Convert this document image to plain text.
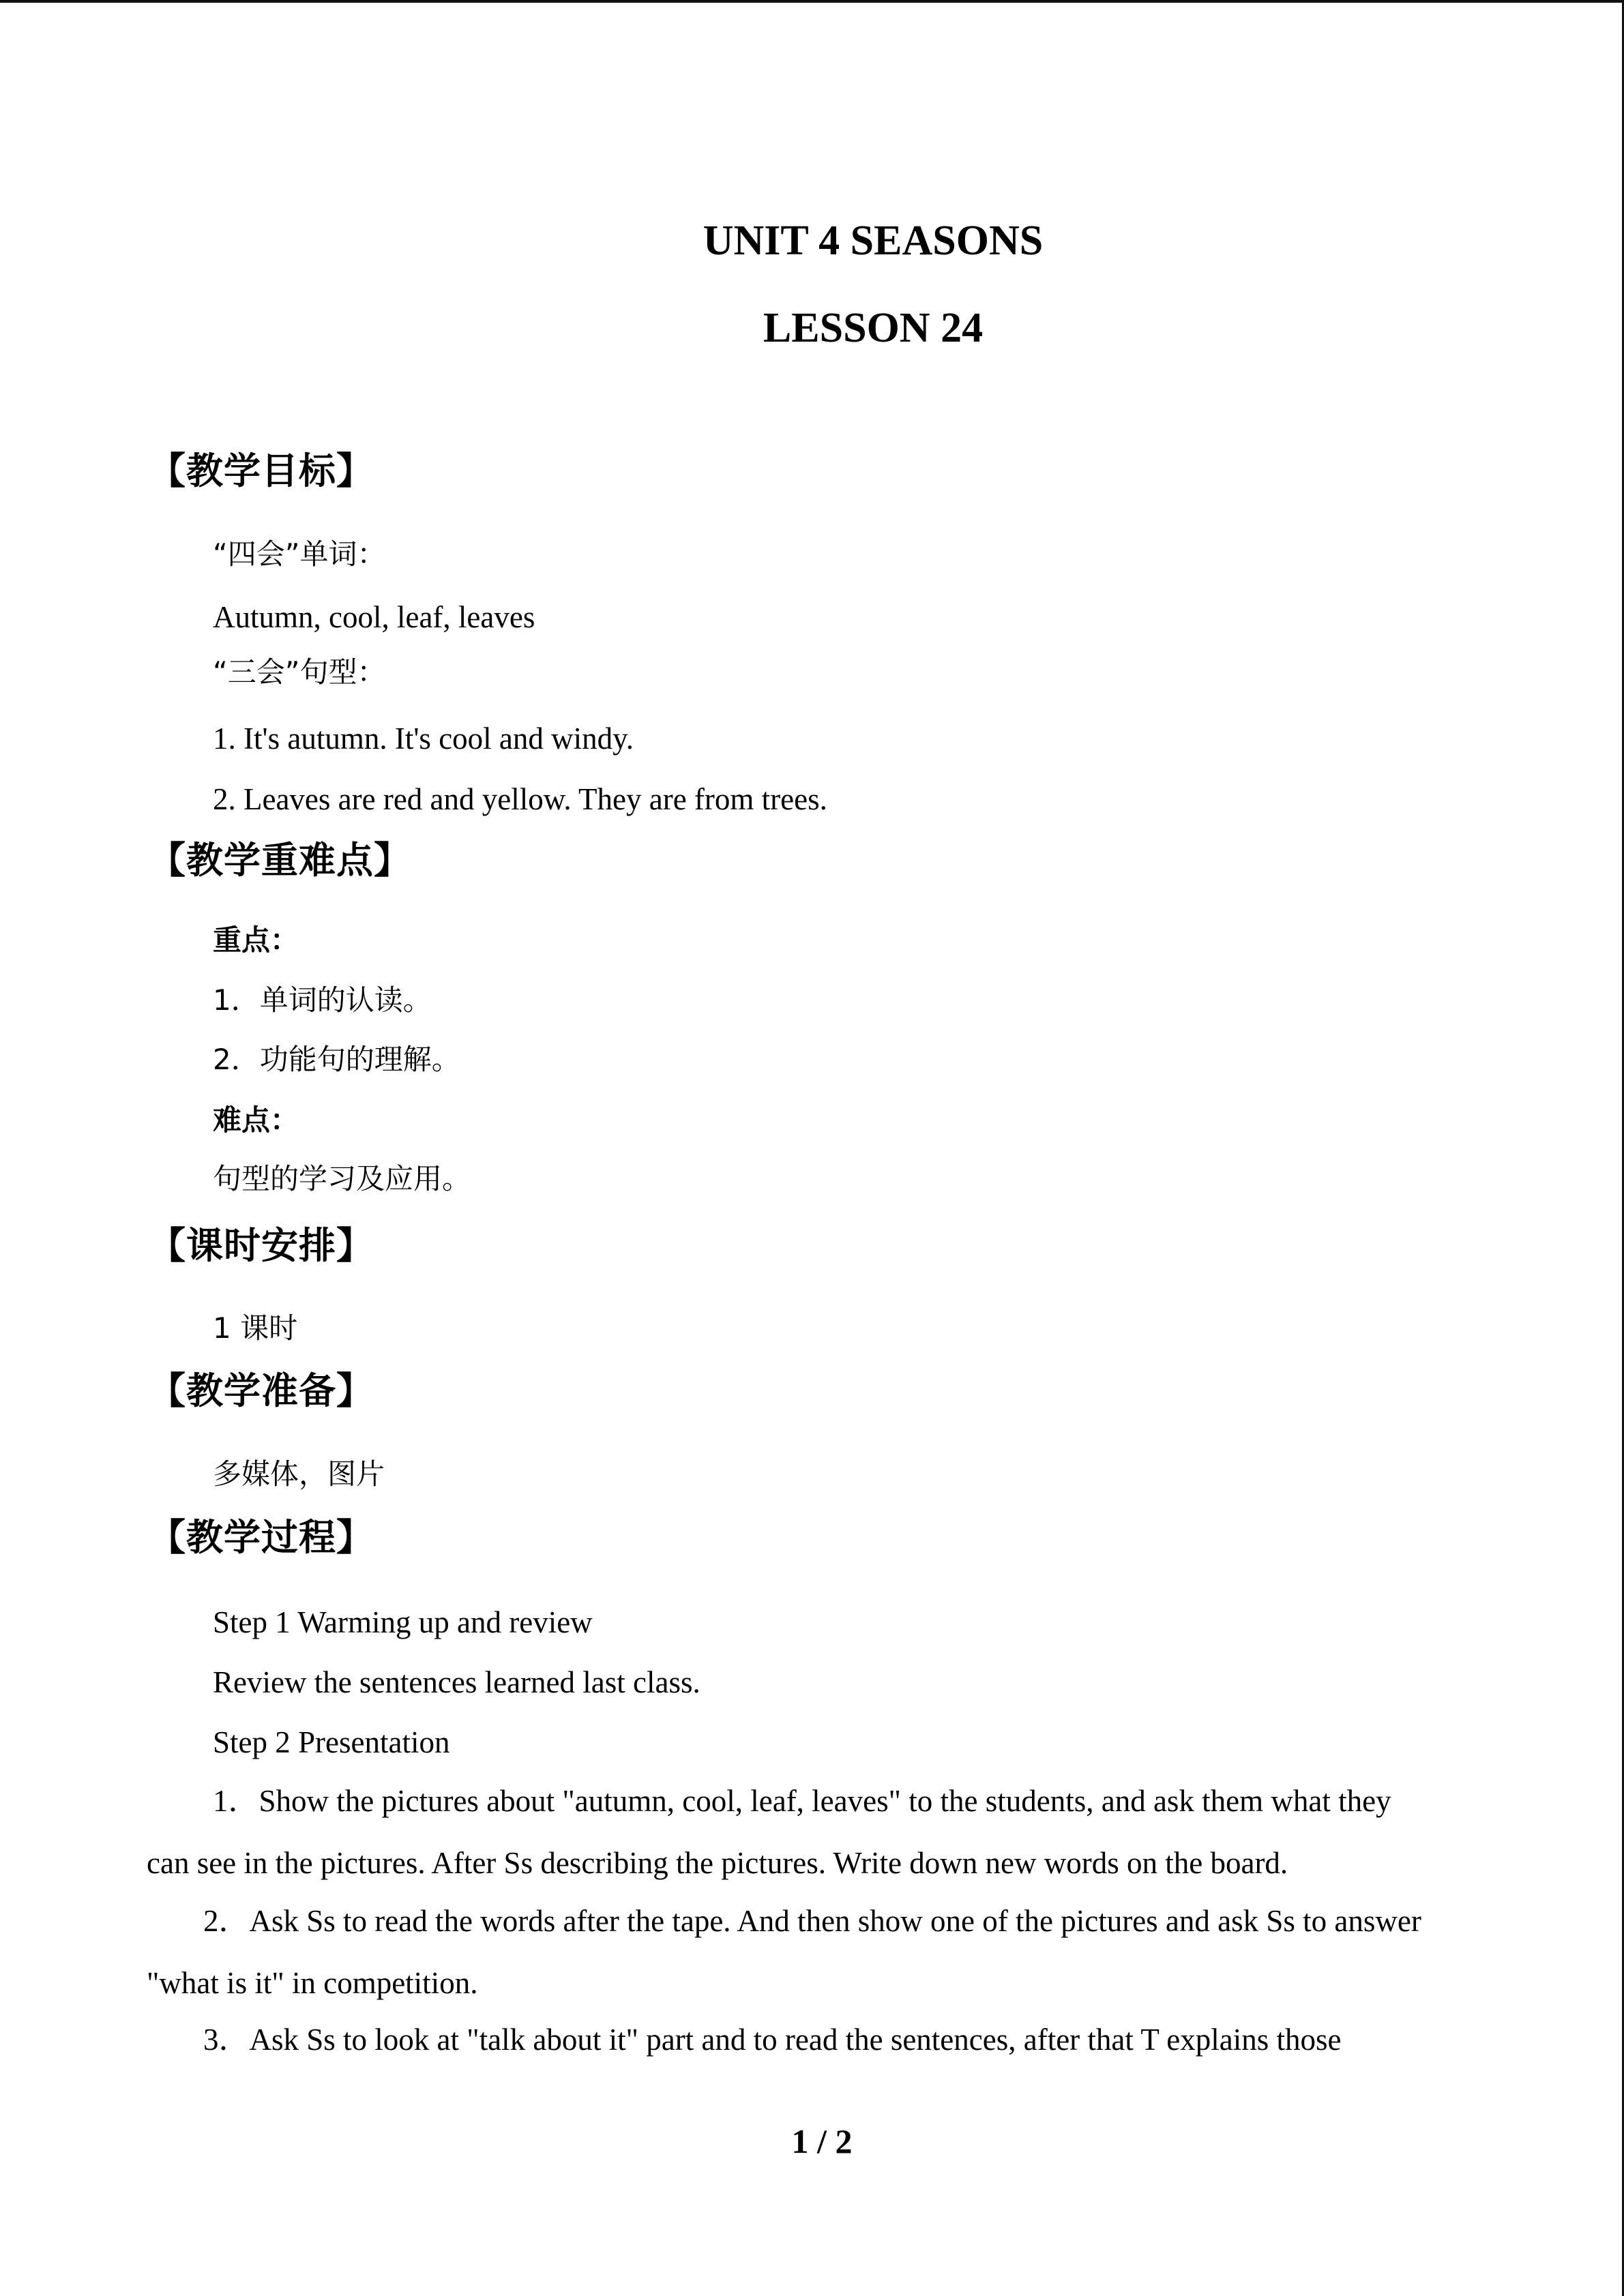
UNIT 4 SEASONS
LESSON 24
【教学目标】
“四会”单词：
Autumn, cool, leaf, leaves
“三会”句型：
1. It's autumn. It's cool and windy.
2. Leaves are red and yellow. They are from trees.
【教学重难点】
重点：
1．单词的认读。
2．功能句的理解。
难点：
句型的学习及应用。
【课时安排】
1 课时
【教学准备】
多媒体，图片
【教学过程】
Step 1 Warming up and review
Review the sentences learned last class.
Step 2 Presentation
1．Show the pictures about "autumn, cool, leaf, leaves" to the students, and ask them what they
can see in the pictures. After Ss describing the pictures. Write down new words on the board.
2．Ask Ss to read the words after the tape. And then show one of the pictures and ask Ss to answer
"what is it" in competition.
3．Ask Ss to look at "talk about it" part and to read the sentences, after that T explains those
1 / 2
